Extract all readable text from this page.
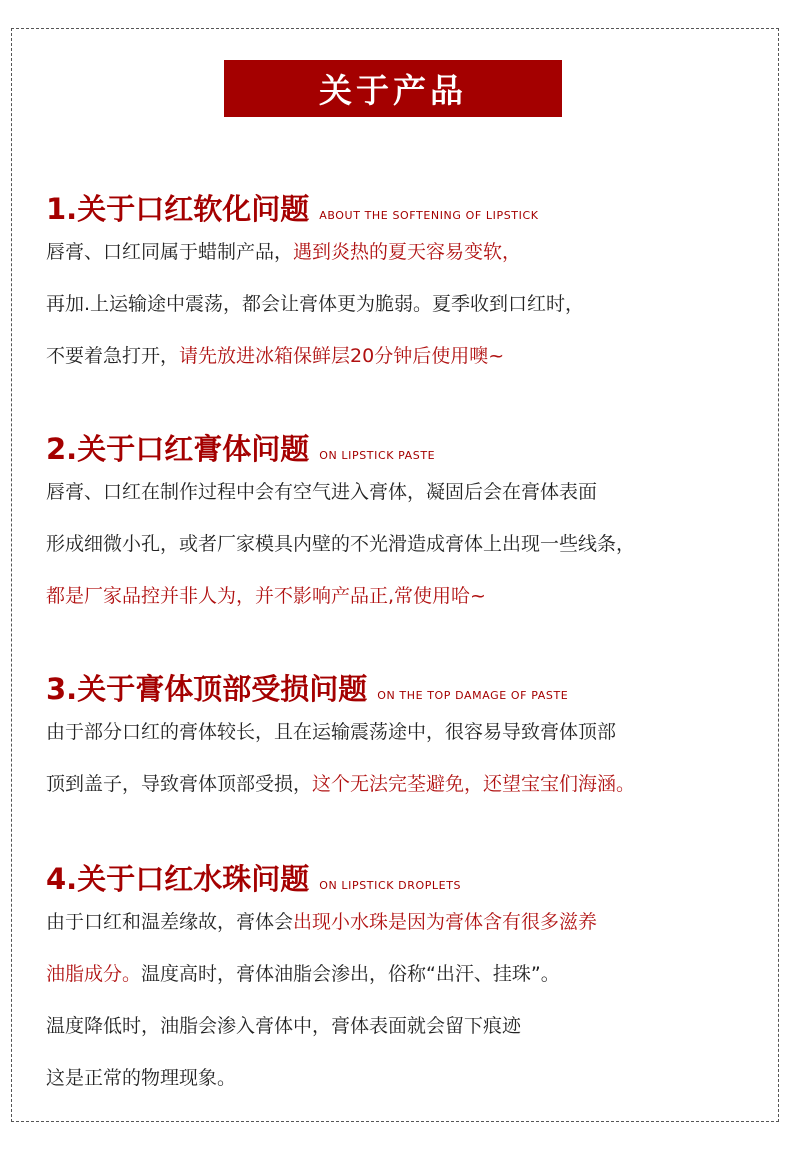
关于产品
1.关于口红软化问题 ABOUT THE SOFTENING OF LIPSTICK
唇膏、口红同属于蜡制产品， 遇到炎热的夏天容易变软，
再加.上运输途中震荡，都会让膏体更为脆弱。夏季收到口红时，
不要着急打开， 请先放进冰箱保鲜层20分钟后使用噢~
2.关于口红膏体问题 ON LIPSTICK PASTE
唇膏、口红在制作过程中会有空气进入膏体，凝固后会在膏体表面
形成细微小孔，或者厂家模具内壁的不光滑造成膏体上出现一些线条，
都是厂家品控并非人为，并不影响产品正,常使用哈~
3.关于膏体顶部受损问题 ON THE TOP DAMAGE OF PASTE
由于部分口红的膏体较长，且在运输震荡途中，很容易导致膏体顶部
顶到盖子，导致膏体顶部受损， 这个无法完荃避免，还望宝宝们海涵。
4.关于口红水珠问题 ON LIPSTICK DROPLETS
由于口红和温差缘故，膏体会 出现小水珠是因为膏体含有很多滋养
油脂成分。 温度高时，膏体油脂会渗出，俗称“出汗、挂珠”。
温度降低时，油脂会渗入膏体中，膏体表面就会留下痕迹
这是正常的物理现象。
